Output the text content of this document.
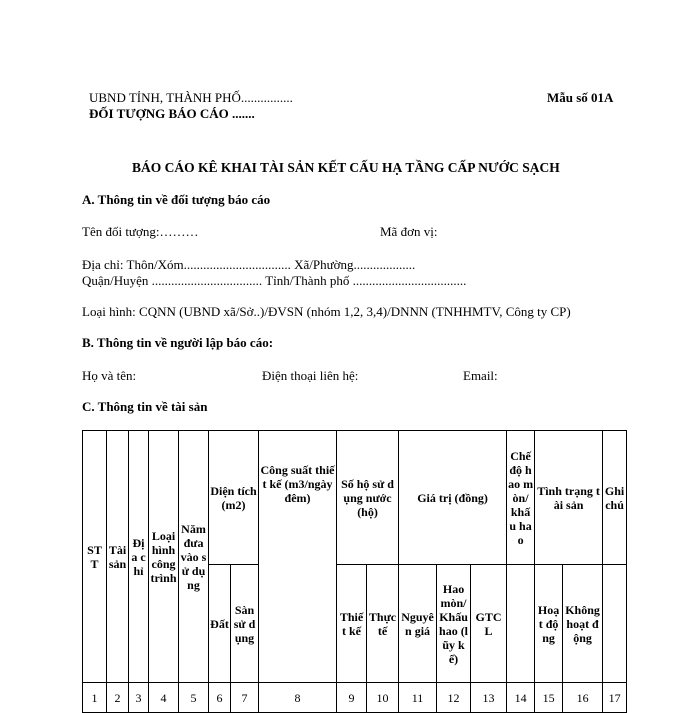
UBND TỈNH, THÀNH PHỐ................
ĐỐI TƯỢNG BÁO CÁO .......
Mẫu số 01A
BÁO CÁO KÊ KHAI TÀI SẢN KẾT CẤU HẠ TẦNG CẤP NƯỚC SẠCH
A. Thông tin về đối tượng báo cáo
Tên đối tượng:………	Mã đơn vị:
Địa chỉ: Thôn/Xóm................................. Xã/Phường...................
Quận/Huyện .................................. Tỉnh/Thành phố ...................................
Loại hình: CQNN (UBND xã/Sở..)/ĐVSN (nhóm 1,2, 3,4)/DNNN (TNHHMTV, Công ty CP)
B. Thông tin về người lập báo cáo:
Họ và tên:	Điện thoại liên hệ:	Email:
C. Thông tin về tài sản
ST T	Tài sản	Địa chỉ	Loại hình công trình	Năm đưa vào sử dụng	Diện tích (m2)		Công suất thiết kế (m3/ngày đêm)	Số hộ sử dụng nước (hộ)		Giá trị (đồng)			Chế độ hao mòn/ khấu hao	Tình trạng tài sản		Ghi chú
					Đất	Sàn sử dụng		Thiết kế	Thực tế	Nguyên giá	Hao mòn/Khấu hao (lũy kế)	GTCL		Hoạt động	Không hoạt động	
1	2	3	4	5	6	7	8	9	10	11	12	13	14	15	16	17
